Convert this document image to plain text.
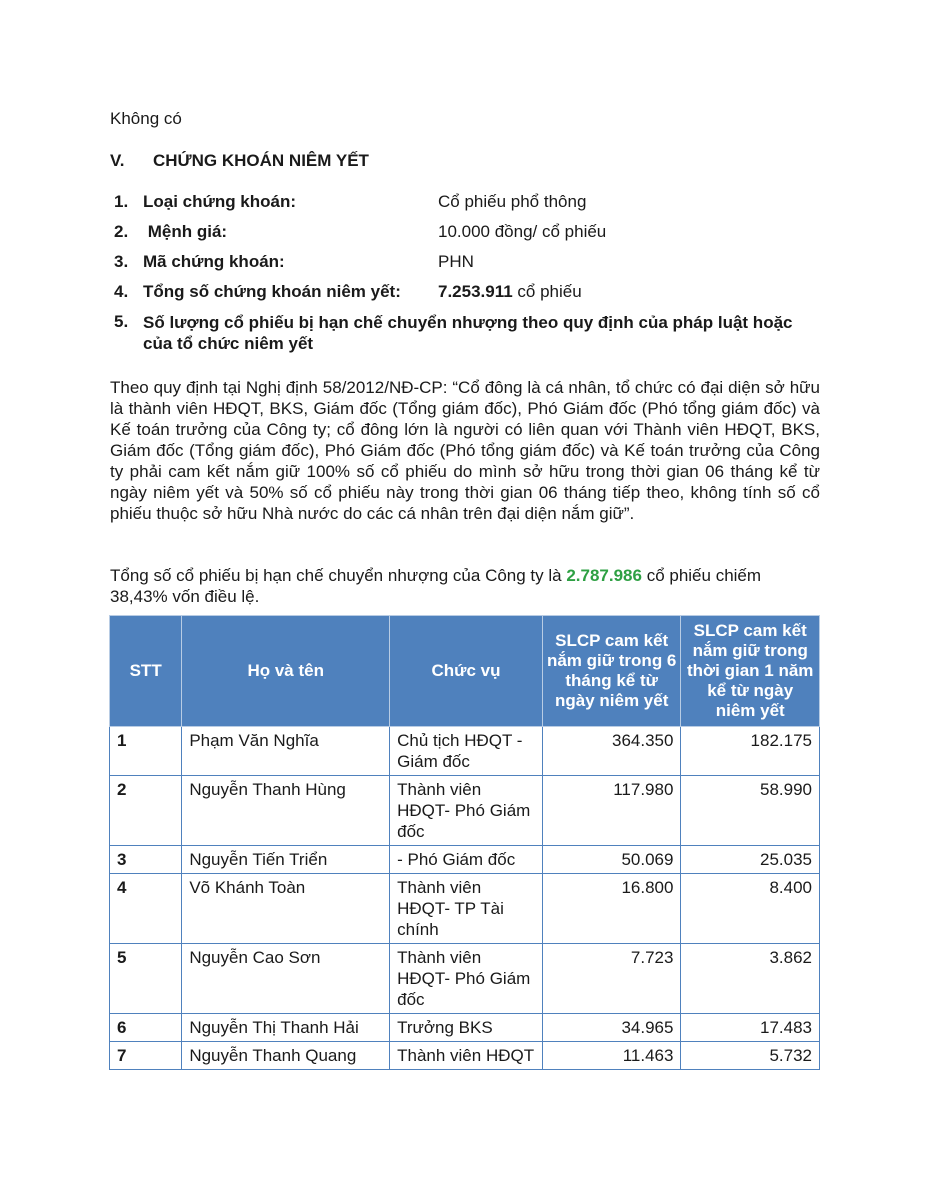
Không có
V. CHỨNG KHOÁN NIÊM YẾT
1. Loại chứng khoán:	Cổ phiếu phổ thông
2. Mệnh giá:	10.000 đồng/ cổ phiếu
3. Mã chứng khoán:	PHN
4. Tổng số chứng khoán niêm yết: 7.253.911 cổ phiếu
5. Số lượng cổ phiếu bị hạn chế chuyển nhượng theo quy định của pháp luật hoặc của tổ chức niêm yết
Theo quy định tại Nghị định 58/2012/NĐ-CP: “Cổ đông là cá nhân, tổ chức có đại diện sở hữu là thành viên HĐQT, BKS, Giám đốc (Tổng giám đốc), Phó Giám đốc (Phó tổng giám đốc) và Kế toán trưởng của Công ty; cổ đông lớn là người có liên quan với Thành viên HĐQT, BKS, Giám đốc (Tổng giám đốc), Phó Giám đốc (Phó tổng giám đốc) và Kế toán trưởng của Công ty phải cam kết nắm giữ 100% số cổ phiếu do mình sở hữu trong thời gian 06 tháng kể từ ngày niêm yết và 50% số cổ phiếu này trong thời gian 06 tháng tiếp theo, không tính số cổ phiếu thuộc sở hữu Nhà nước do các cá nhân trên đại diện nắm giữ”.
Tổng số cổ phiếu bị hạn chế chuyển nhượng của Công ty là 2.787.986 cổ phiếu chiếm 38,43% vốn điều lệ.
STT	Họ và tên	Chức vụ	SLCP cam kết nắm giữ trong 6 tháng kể từ ngày niêm yết	SLCP cam kết nắm giữ trong thời gian 1 năm kể từ ngày niêm yết
1	Phạm Văn Nghĩa	Chủ tịch HĐQT - Giám đốc	364.350	182.175
2	Nguyễn Thanh Hùng	Thành viên HĐQT- Phó Giám đốc	117.980	58.990
3	Nguyễn Tiến Triển	- Phó Giám đốc	50.069	25.035
4	Võ Khánh Toàn	Thành viên HĐQT- TP Tài chính	16.800	8.400
5	Nguyễn Cao Sơn	Thành viên HĐQT- Phó Giám đốc	7.723	3.862
6	Nguyễn Thị Thanh Hải	Trưởng BKS	34.965	17.483
7	Nguyễn Thanh Quang	Thành viên HĐQT	11.463	5.732
